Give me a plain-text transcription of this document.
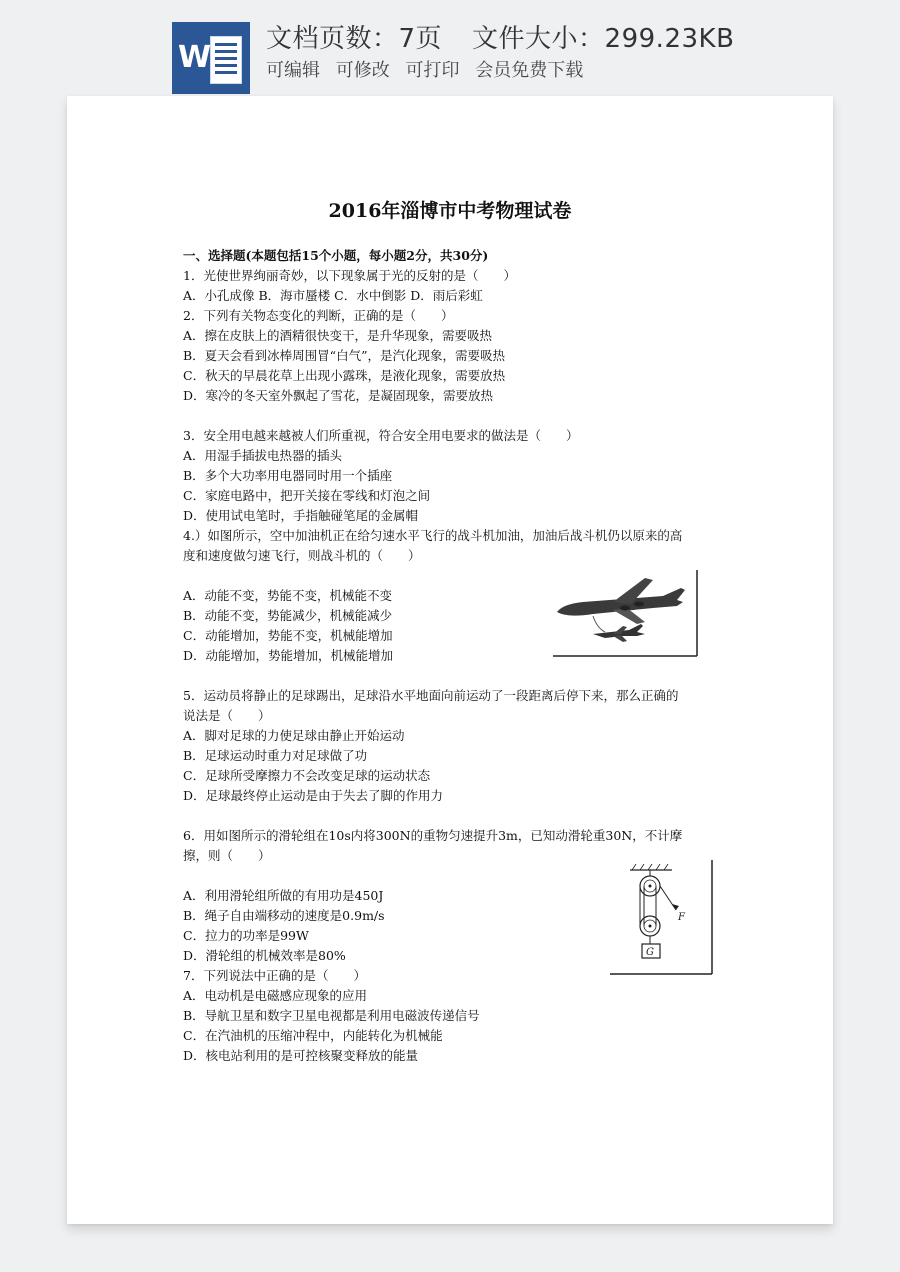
W
文档页数：7页 文件大小：299.23KB
可编辑 可修改 可打印 会员免费下载
2016年淄博市中考物理试卷
一、选择题(本题包括15个小题，每小题2分，共30分)
1．光使世界绚丽奇妙，以下现象属于光的反射的是（　　）
A．小孔成像 B．海市蜃楼 C．水中倒影 D．雨后彩虹
2．下列有关物态变化的判断，正确的是（　　）
A．擦在皮肤上的酒精很快变干，是升华现象，需要吸热
B．夏天会看到冰棒周围冒“白气”，是汽化现象，需要吸热
C．秋天的早晨花草上出现小露珠，是液化现象，需要放热
D．寒冷的冬天室外飘起了雪花，是凝固现象，需要放热
3．安全用电越来越被人们所重视，符合安全用电要求的做法是（　　）
A．用湿手插拔电热器的插头
B．多个大功率用电器同时用一个插座
C．家庭电路中，把开关接在零线和灯泡之间
D．使用试电笔时，手指触碰笔尾的金属帽
4.）如图所示，空中加油机正在给匀速水平飞行的战斗机加油，加油后战斗机仍以原来的高
度和速度做匀速飞行，则战斗机的（　　）
A．动能不变，势能不变，机械能不变
B．动能不变，势能减少，机械能减少
C．动能增加，势能不变，机械能增加
D．动能增加，势能增加，机械能增加
5．运动员将静止的足球踢出，足球沿水平地面向前运动了一段距离后停下来，那么正确的
说法是（　　）
A．脚对足球的力使足球由静止开始运动
B．足球运动时重力对足球做了功
C．足球所受摩擦力不会改变足球的运动状态
D．足球最终停止运动是由于失去了脚的作用力
6．用如图所示的滑轮组在10s内将300N的重物匀速提升3m，已知动滑轮重30N，不计摩
擦，则（　　）
A．利用滑轮组所做的有用功是450J
B．绳子自由端移动的速度是0.9m/s
C．拉力的功率是99W
D．滑轮组的机械效率是80%
7．下列说法中正确的是（　　）
A．电动机是电磁感应现象的应用
B．导航卫星和数字卫星电视都是利用电磁波传递信号
C．在汽油机的压缩冲程中，内能转化为机械能
D．核电站利用的是可控核聚变释放的能量
F
G
